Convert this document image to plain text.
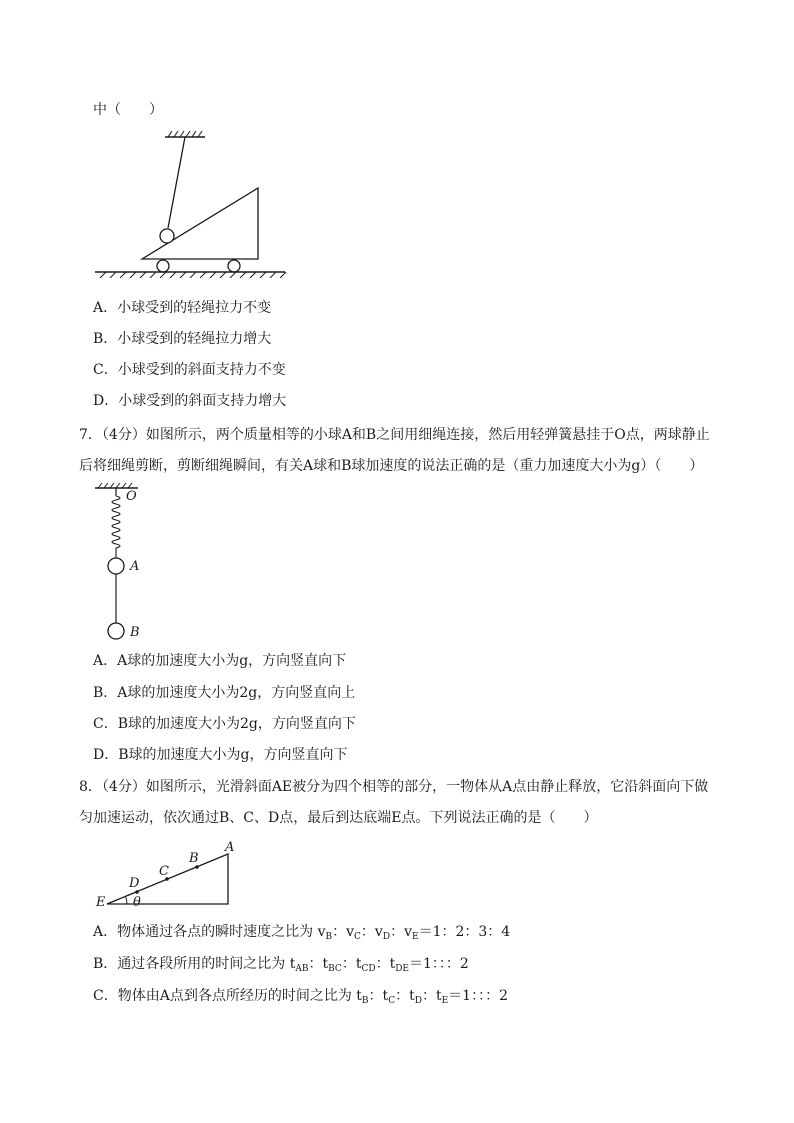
中（　　）
A．小球受到的轻绳拉力不变
B．小球受到的轻绳拉力增大
C．小球受到的斜面支持力不变
D．小球受到的斜面支持力增大
7．（4分）如图所示，两个质量相等的小球A和B之间用细绳连接，然后用轻弹簧悬挂于O点，两球静止
后将细绳剪断，剪断细绳瞬间，有关A球和B球加速度的说法正确的是（重力加速度大小为g）（　　）
O
A
B
A．A球的加速度大小为g，方向竖直向下
B．A球的加速度大小为2g，方向竖直向上
C．B球的加速度大小为2g，方向竖直向下
D．B球的加速度大小为g，方向竖直向下
8．（4分）如图所示，光滑斜面AE被分为四个相等的部分，一物体从A点由静止释放，它沿斜面向下做
匀加速运动，依次通过B、C、D点，最后到达底端E点。下列说法正确的是（　　）
A
B
C
D
E θ
A．物体通过各点的瞬时速度之比为 $v_B$：$v_C$：$v_D$：$v_E=1$：2：3：4
B．通过各段所用的时间之比为 $t_{AB}$：$t_{BC}$：$t_{CD}$：$t_{DE}=1$：：：2
C．物体由A点到各点所经历的时间之比为 $t_B$：$t_C$：$t_D$：$t_E=1$：：：2
